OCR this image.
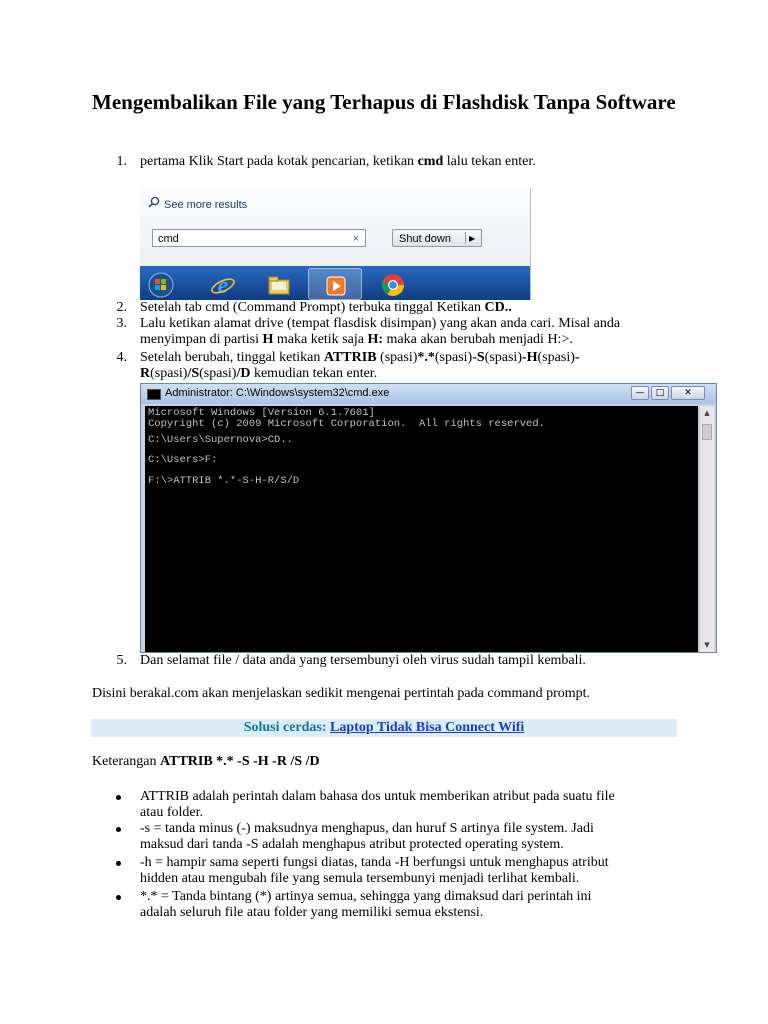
Mengembalikan File yang Terhapus di Flashdisk Tanpa Software
1. pertama Klik Start pada kotak pencarian, ketikan cmd lalu tekan enter.
See more results
cmd	×	Shut down ▶
e
2. Setelah tab cmd (Command Prompt) terbuka tinggal Ketikan CD..
3. Lalu ketikan alamat drive (tempat flasdisk disimpan) yang akan anda cari. Misal anda
menyimpan di partisi H maka ketik saja H: maka akan berubah menjadi H:>.
4. Setelah berubah, tinggal ketikan ATTRIB (spasi)*.*(spasi)-S(spasi)-H(spasi)-
R(spasi)/S(spasi)/D kemudian tekan enter.
Administrator: C:\Windows\system32\cmd.exe	—	□	✕
Microsoft Windows [Version 6.1.7601]
Copyright (c) 2009 Microsoft Corporation.  All rights reserved.
C:\Users\Supernova>CD..
C:\Users>F:
F:\>ATTRIB *.*-S-H-R/S/D
▲
▼
5. Dan selamat file / data anda yang tersembunyi oleh virus sudah tampil kembali.
Disini berakal.com akan menjelaskan sedikit mengenai pertintah pada command prompt.
Solusi cerdas: Laptop Tidak Bisa Connect Wifi
Keterangan ATTRIB *.* -S -H -R /S /D
ATTRIB adalah perintah dalam bahasa dos untuk memberikan atribut pada suatu file
atau folder.
-s = tanda minus (-) maksudnya menghapus, dan huruf S artinya file system. Jadi
maksud dari tanda -S adalah menghapus atribut protected operating system.
-h = hampir sama seperti fungsi diatas, tanda -H berfungsi untuk menghapus atribut
hidden atau mengubah file yang semula tersembunyi menjadi terlihat kembali.
*.* = Tanda bintang (*) artinya semua, sehingga yang dimaksud dari perintah ini
adalah seluruh file atau folder yang memiliki semua ekstensi.
